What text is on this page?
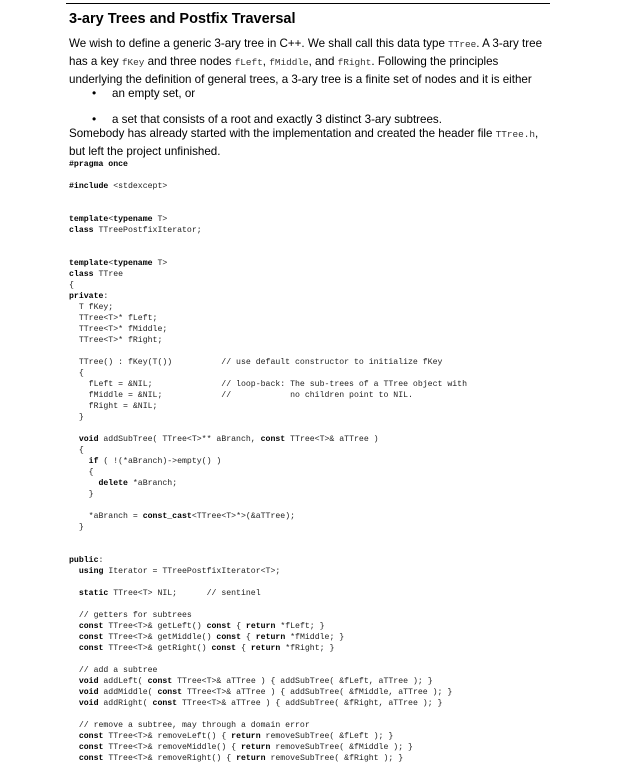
3-ary Trees and Postfix Traversal

We wish to define a generic 3-ary tree in C++. We shall call this data type TTree. A 3-ary tree has a key fKey and three nodes fLeft, fMiddle, and fRight. Following the principles underlying the definition of general trees, a 3-ary tree is a finite set of nodes and it is either

• an empty set, or
• a set that consists of a root and exactly 3 distinct 3-ary subtrees.

Somebody has already started with the implementation and created the header file TTree.h, but left the project unfinished.

#pragma once
#include <stdexcept>
template<typename T>
class TTreePostfixIterator;
template<typename T>
class TTree
{
private:
T fKey;
TTree<T>* fLeft;
TTree<T>* fMiddle;
TTree<T>* fRight;
TTree() : fKey(T())          // use default constructor to initialize fKey
{
fLeft = &NIL;              // loop-back: The sub-trees of a TTree object with
fMiddle = &NIL;            //            no children point to NIL.
fRight = &NIL;
}
void addSubTree( TTree<T>** aBranch, const TTree<T>& aTTree )
{
if ( !(*aBranch)->empty() )
{
delete *aBranch;
}
*aBranch = const_cast<TTree<T>*>(&aTTree);
}
public:
using Iterator = TTreePostfixIterator<T>;
static TTree<T> NIL;      // sentinel
// getters for subtrees
const TTree<T>& getLeft() const { return *fLeft; }
const TTree<T>& getMiddle() const { return *fMiddle; }
const TTree<T>& getRight() const { return *fRight; }
// add a subtree
void addLeft( const TTree<T>& aTTree ) { addSubTree( &fLeft, aTTree ); }
void addMiddle( const TTree<T>& aTTree ) { addSubTree( &fMiddle, aTTree ); }
void addRight( const TTree<T>& aTTree ) { addSubTree( &fRight, aTTree ); }
// remove a subtree, may through a domain error
const TTree<T>& removeLeft() { return removeSubTree( &fLeft ); }
const TTree<T>& removeMiddle() { return removeSubTree( &fMiddle ); }
const TTree<T>& removeRight() { return removeSubTree( &fRight ); }
